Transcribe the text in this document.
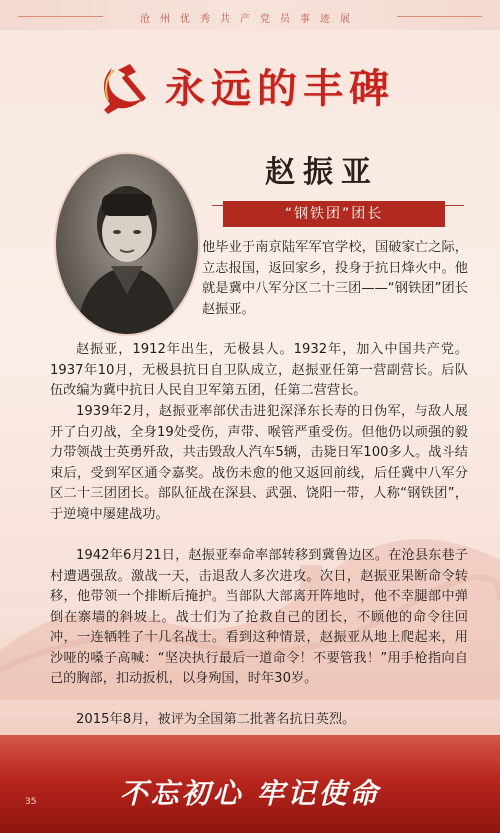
沧州优秀共产党员事迹展
永远的丰碑
赵振亚
“钢铁团”团长

他毕业于南京陆军军官学校，国破家亡之际，立志报国，返回家乡，投身于抗日烽火中。他就是冀中八军分区二十三团——“钢铁团”团长赵振亚。

赵振亚，1912年出生，无极县人。1932年，加入中国共产党。1937年10月，无极县抗日自卫队成立，赵振亚任第一营副营长。后队伍改编为冀中抗日人民自卫军第五团，任第二营营长。

1939年2月，赵振亚率部伏击进犯深泽东长寿的日伪军，与敌人展开了白刃战，全身19处受伤，声带、喉管严重受伤。但他仍以顽强的毅力带领战士英勇歼敌，共击毁敌人汽车5辆，击毙日军100多人。战斗结束后，受到军区通令嘉奖。战伤未愈的他又返回前线，后任冀中八军分区二十三团团长。部队征战在深县、武强、饶阳一带，人称“钢铁团”，于逆境中屡建战功。

1942年6月21日，赵振亚奉命率部转移到冀鲁边区。在沧县东巷子村遭遇强敌。激战一天，击退敌人多次进攻。次日，赵振亚果断命令转移，他带领一个排断后掩护。当部队大部离开阵地时，他不幸腿部中弹倒在寨墙的斜坡上。战士们为了抢救自己的团长，不顾他的命令往回冲，一连牺牲了十几名战士。看到这种情景，赵振亚从地上爬起来，用沙哑的嗓子高喊：“坚决执行最后一道命令！不要管我！”用手枪指向自己的胸部，扣动扳机，以身殉国，时年30岁。

2015年8月，被评为全国第二批著名抗日英烈。

不忘初心 牢记使命
35
